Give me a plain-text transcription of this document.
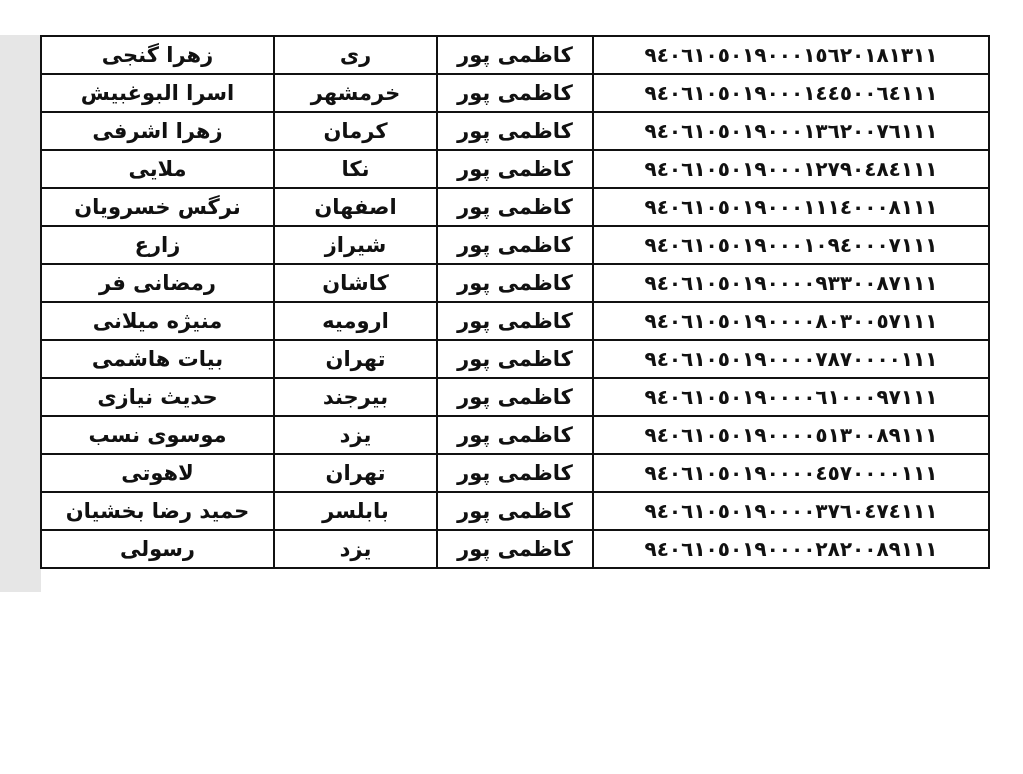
زهرا گنجی	ری	کاظمی پور	۹٤۰٦۱۰٥۰۱۹۰۰۰۱٥٦۲۰۱۸۱۳۱۱
اسرا البوغبیش	خرمشهر	کاظمی پور	۹٤۰٦۱۰٥۰۱۹۰۰۰۱٤٤٥۰۰٦٤۱۱۱
زهرا اشرفی	کرمان	کاظمی پور	۹٤۰٦۱۰٥۰۱۹۰۰۰۱۳٦۲۰۰۷٦۱۱۱
ملایی	نکا	کاظمی پور	۹٤۰٦۱۰٥۰۱۹۰۰۰۱۲۷۹۰٤۸٤۱۱۱
نرگس خسرویان	اصفهان	کاظمی پور	۹٤۰٦۱۰٥۰۱۹۰۰۰۱۱۱٤۰۰۰۸۱۱۱
زارع	شیراز	کاظمی پور	۹٤۰٦۱۰٥۰۱۹۰۰۰۱۰۹٤۰۰۰۷۱۱۱
رمضانی فر	کاشان	کاظمی پور	۹٤۰٦۱۰٥۰۱۹۰۰۰۰۹۳۳۰۰۸۷۱۱۱
منیژه میلانی	ارومیه	کاظمی پور	۹٤۰٦۱۰٥۰۱۹۰۰۰۰۸۰۳۰۰٥۷۱۱۱
بیات هاشمی	تهران	کاظمی پور	۹٤۰٦۱۰٥۰۱۹۰۰۰۰۷۸۷۰۰۰۰۱۱۱
حدیث نیازی	بیرجند	کاظمی پور	۹٤۰٦۱۰٥۰۱۹۰۰۰۰٦۱۰۰۰۹۷۱۱۱
موسوی نسب	یزد	کاظمی پور	۹٤۰٦۱۰٥۰۱۹۰۰۰۰٥۱۳۰۰۸۹۱۱۱
لاهوتی	تهران	کاظمی پور	۹٤۰٦۱۰٥۰۱۹۰۰۰۰٤٥۷۰۰۰۰۱۱۱
حمید رضا بخشیان	بابلسر	کاظمی پور	۹٤۰٦۱۰٥۰۱۹۰۰۰۰۳۷٦۰٤۷٤۱۱۱
رسولی	یزد	کاظمی پور	۹٤۰٦۱۰٥۰۱۹۰۰۰۰۲۸۲۰۰۸۹۱۱۱
